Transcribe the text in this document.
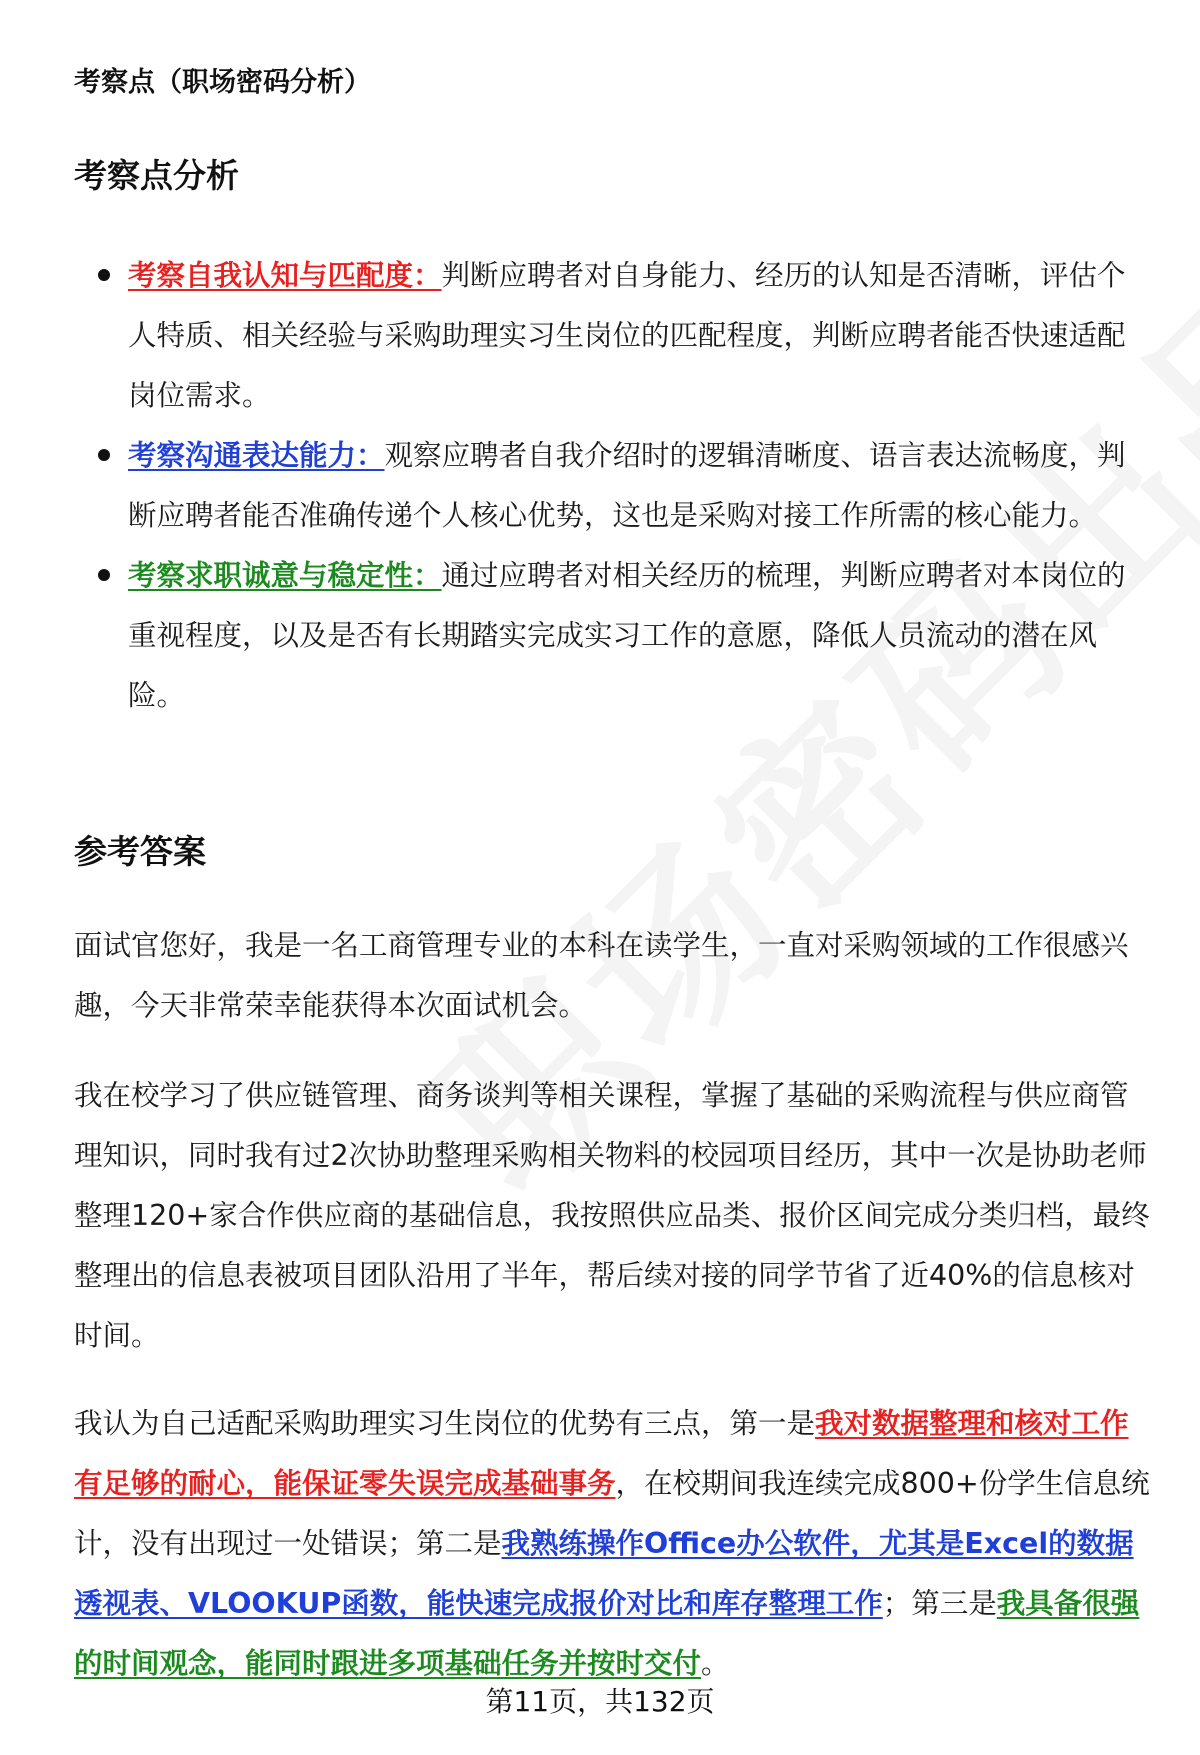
考察点（职场密码分析）
考察点分析
考察自我认知与匹配度：判断应聘者对自身能力、经历的认知是否清晰，评估个人特质、相关经验与采购助理实习生岗位的匹配程度，判断应聘者能否快速适配岗位需求。
考察沟通表达能力：观察应聘者自我介绍时的逻辑清晰度、语言表达流畅度，判断应聘者能否准确传递个人核心优势，这也是采购对接工作所需的核心能力。
考察求职诚意与稳定性：通过应聘者对相关经历的梳理，判断应聘者对本岗位的重视程度，以及是否有长期踏实完成实习工作的意愿，降低人员流动的潜在风险。
参考答案

面试官您好，我是一名工商管理专业的本科在读学生，一直对采购领域的工作很感兴趣，今天非常荣幸能获得本次面试机会。

我在校学习了供应链管理、商务谈判等相关课程，掌握了基础的采购流程与供应商管理知识，同时我有过2次协助整理采购相关物料的校园项目经历，其中一次是协助老师整理120+家合作供应商的基础信息，我按照供应品类、报价区间完成分类归档，最终整理出的信息表被项目团队沿用了半年，帮后续对接的同学节省了近40%的信息核对时间。

我认为自己适配采购助理实习生岗位的优势有三点，第一是我对数据整理和核对工作有足够的耐心，能保证零失误完成基础事务，在校期间我连续完成800+份学生信息统计，没有出现过一处错误；第二是我熟练操作Office办公软件，尤其是Excel的数据透视表、VLOOKUP函数，能快速完成报价对比和库存整理工作；第三是我具备很强的时间观念，能同时跟进多项基础任务并按时交付。

第11页，共132页
